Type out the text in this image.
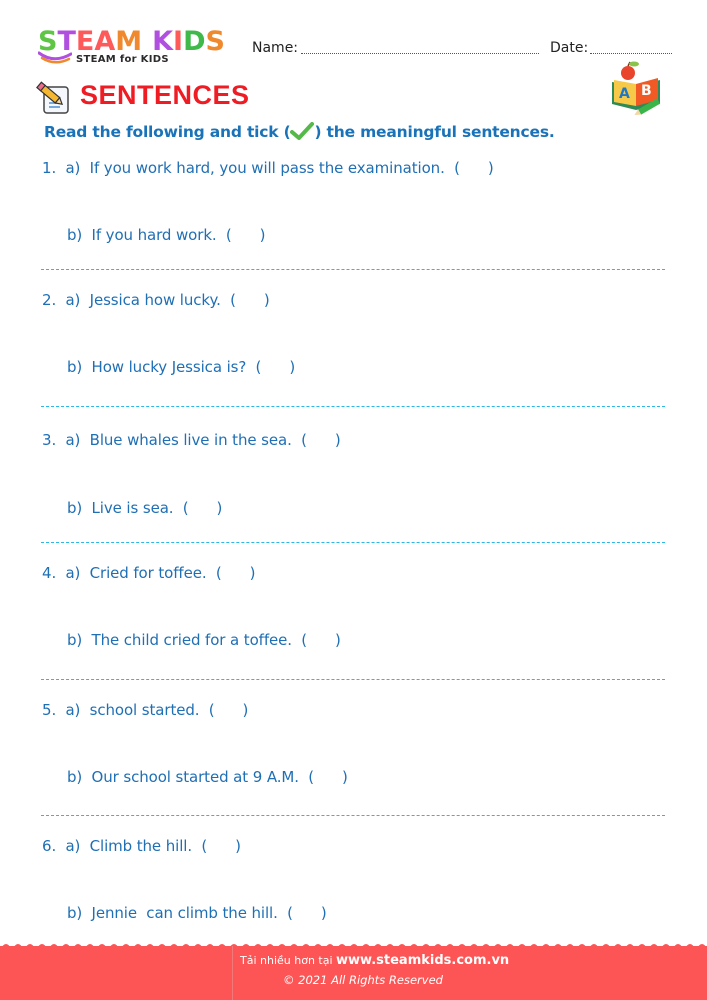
STEAM KIDS
STEAM for KIDS
Name:	Date:
SENTENCES	A B
Read the following and tick ( ) the meaningful sentences.
1.  a)  If you work hard, you will pass the examination.  (      )
b)  If you hard work.  (      )
2.  a)  Jessica how lucky.  (      )
b)  How lucky Jessica is?  (      )
3.  a)  Blue whales live in the sea.  (      )
b)  Live is sea.  (      )
4.  a)  Cried for toffee.  (      )
b)  The child cried for a toffee.  (      )
5.  a)  school started.  (      )
b)  Our school started at 9 A.M.  (      )
6.  a)  Climb the hill.  (      )
b)  Jennie  can climb the hill.  (      )
Tải nhiều hơn tại www.steamkids.com.vn
© 2021 All Rights Reserved
